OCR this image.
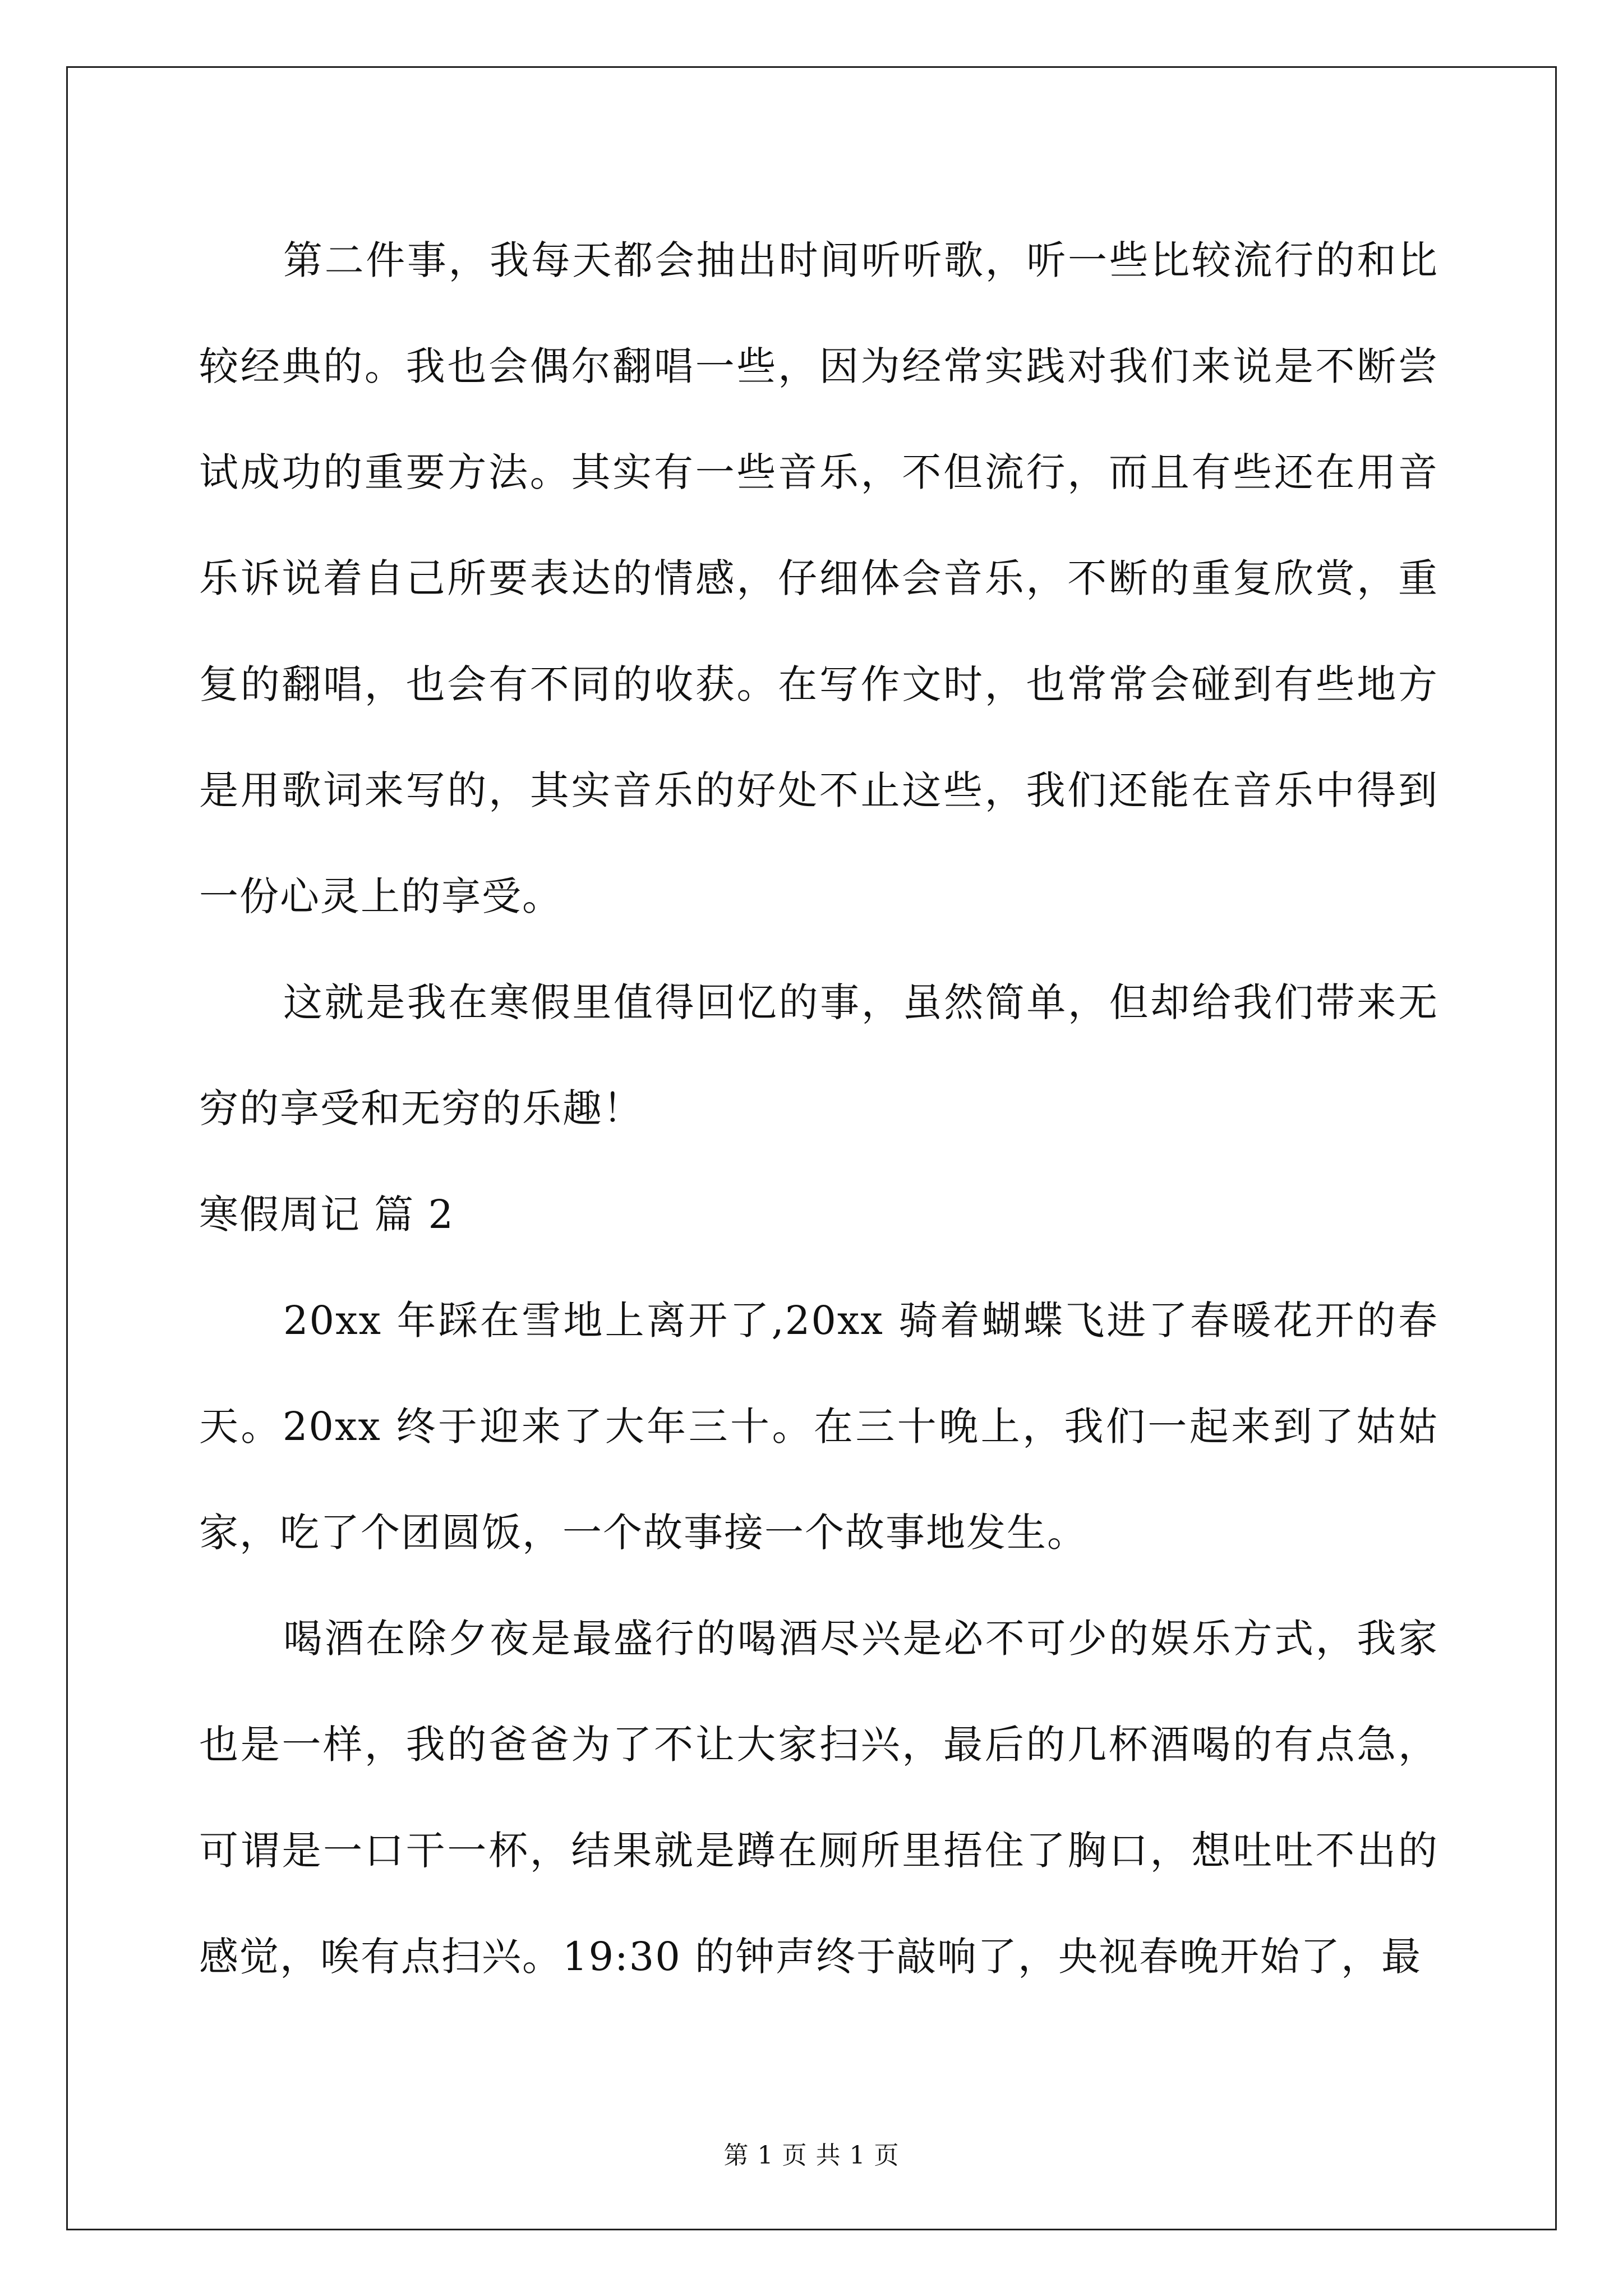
第二件事，我每天都会抽出时间听听歌，听一些比较流行的和比较经典的。我也会偶尔翻唱一些，因为经常实践对我们来说是不断尝试成功的重要方法。其实有一些音乐，不但流行，而且有些还在用音乐诉说着自己所要表达的情感，仔细体会音乐，不断的重复欣赏，重复的翻唱，也会有不同的收获。在写作文时，也常常会碰到有些地方是用歌词来写的，其实音乐的好处不止这些，我们还能在音乐中得到一份心灵上的享受。

这就是我在寒假里值得回忆的事，虽然简单，但却给我们带来无穷的享受和无穷的乐趣！

寒假周记 篇 2

20xx 年踩在雪地上离开了,20xx 骑着蝴蝶飞进了春暖花开的春天。20xx 终于迎来了大年三十。在三十晚上，我们一起来到了姑姑家，吃了个团圆饭，一个故事接一个故事地发生。

喝酒在除夕夜是最盛行的喝酒尽兴是必不可少的娱乐方式，我家也是一样，我的爸爸为了不让大家扫兴，最后的几杯酒喝的有点急，可谓是一口干一杯，结果就是蹲在厕所里捂住了胸口，想吐吐不出的感觉，唉有点扫兴。19:30 的钟声终于敲响了，央视春晚开始了，最

第 1 页 共 1 页
